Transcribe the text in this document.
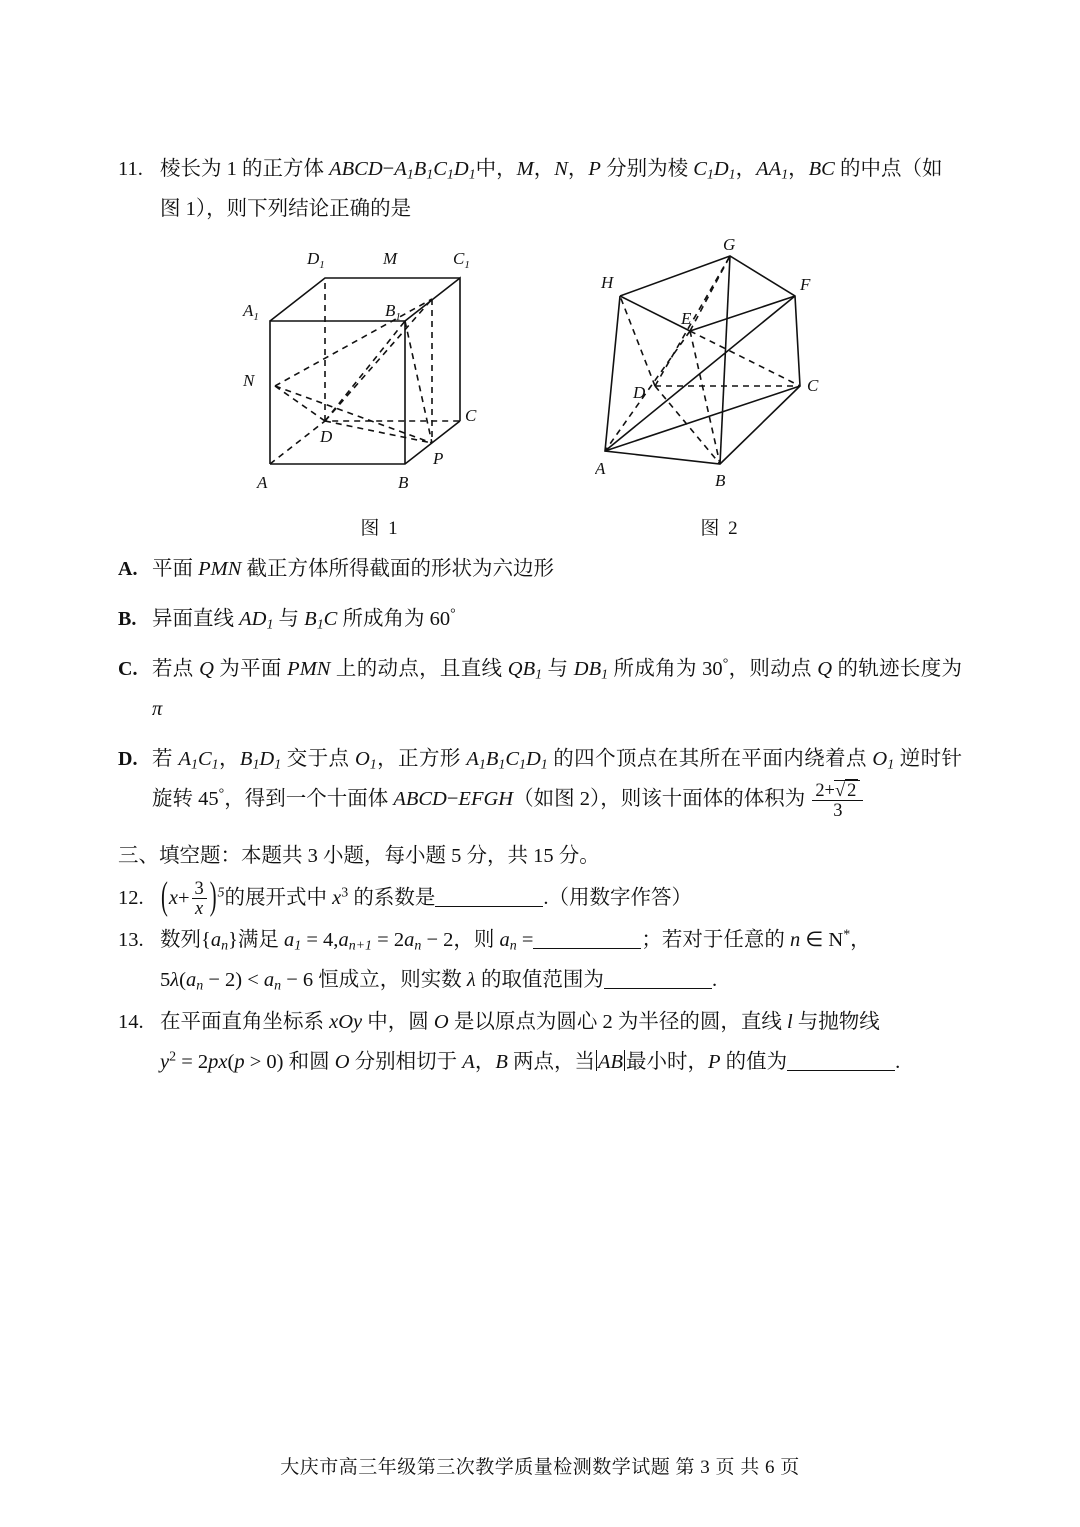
11. 棱长为 1 的正方体 $ABCD-A_1B_1C_1D_1$中，M，N，P 分别为棱 $C_1D_1$，$AA_1$，BC 的中点（如图 1），则下列结论正确的是
$D_1$	M	$C_1$
$A_1$	$B_1$
N
D
C
P
A	B
图 1
G
H	F
E
D	C
A
B
图 2
A. 平面 PMN 截正方体所得截面的形状为六边形
B. 异面直线 $AD_1$ 与 $B_1C$ 所成角为 60°
C. 若点 Q 为平面 PMN 上的动点，且直线 $QB_1$ 与 $DB_1$ 所成角为 30°，则动点 Q 的轨迹长度为 π
D. 若 $A_1C_1$，$B_1D_1$ 交于点 $O_1$，正方形 $A_1B_1C_1D_1$ 的四个顶点在其所在平面内绕着点 $O_1$ 逆时针旋转 45°，得到一个十面体 ABCD−EFGH（如图 2），则该十面体的体积为 $\frac{2+√ 2}{3}$
三、填空题：本题共 3 小题，每小题 5 分，共 15 分。
12. $(x+ \frac{3}{x} )^5$的展开式中 $x^3$ 的系数是	.（用数字作答）
13. 数列$\{a_n\}$满足 $a_1 = 4,a_{n+1} = 2a_n - 2$，则 $a_n$ =	；若对于任意的 n ∈ N*，
$5\lambda(a_n - 2) < a_n - 6$ 恒成立，则实数 λ 的取值范围为	.
14. 在平面直角坐标系 xOy 中，圆 O 是以原点为圆心 2 为半径的圆，直线 l 与抛物线
$y^2 = 2px(p > 0)$ 和圆 O 分别相切于 A，B 两点，当 AB 最小时，P 的值为	.
大庆市高三年级第三次教学质量检测数学试题 第 3 页 共 6 页
